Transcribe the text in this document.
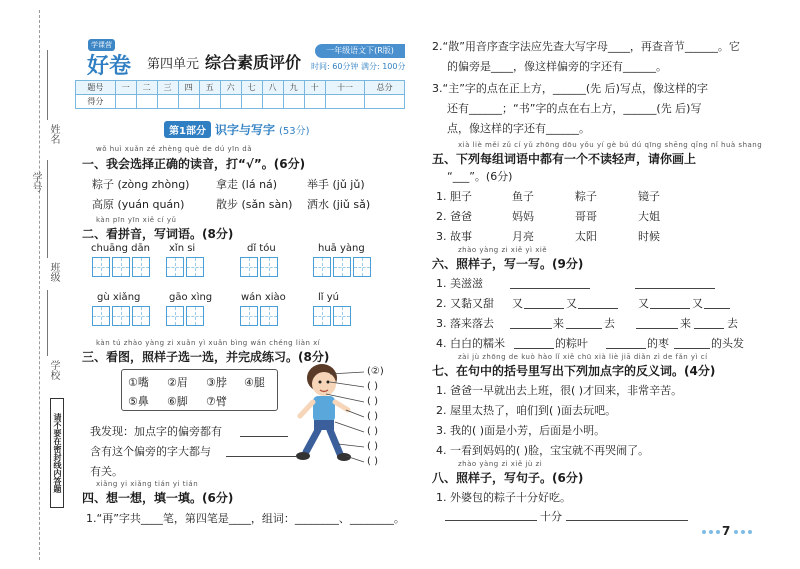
姓名
班级
学号
学校
请不要在密封线内答题
学课营
好卷 第四单元 综合素质评价
一年级语文下(R版)
时间: 60分钟 满分: 100分
题号	一	二	三	四	五	六	七	八	九	十	十一	总分
得分												
第1部分 识字与写字 (53分)
wǒ huì xuǎn zé zhèng què de dú yīn dǎ
一、我会选择正确的读音，打“√”。(6分)
粽子 (zòng zhòng) 拿走 (lá ná)	举手 (jǔ jǔ)
高原 (yuán quán)	散步 (sǎn sàn) 洒水 (jiǔ sǎ)
kàn pīn yīn xiě cí yǔ
二、看拼音，写词语。(8分)
chuāng dān xǐn si	dǐ tóu	huā yàng
gù xiǎng	gāo xìng	wán xiào	lǐ yú
kàn tú zhào yàng zi xuǎn yì xuǎn bìng wán chéng liàn xí
三、看图，照样子选一选，并完成练习。(8分)
①嘴 ②眉 ③脖 ④腿
⑤鼻 ⑥脚 ⑦臂
(②)
( )
( )
( )
( )
( )
( )
我发现：加点字的偏旁都有
含有这个偏旁的字大都与
有关。
xiǎng yi xiǎng tián yi tián
四、想一想，填一填。(6分)
1.“再”字共____笔，第四笔是____，组词：________、________。
2.“散”用音序查字法应先查大写字母____，再查音节______。它
的偏旁是____，像这样偏旁的字还有______。
3.“主”字的点在正上方，______(先 后)写点，像这样的字
还有______；“书”字的点在右上方，______(先 后)写
点，像这样的字还有______。
xià liè měi zǔ cí yǔ zhōng dōu yǒu yí gè bú dú qīng shēng qǐng nǐ huà shang
五、下列每组词语中都有一个不读轻声，请你画上
“___”。(6分)
1. 胆子	鱼子	粽子	镜子
2. 爸爸	妈妈	哥哥	大姐
3. 故事	月亮	太阳	时候
zhào yàng zi xiě yì xiě
六、照样子，写一写。(9分)
1. 美滋滋
2. 又黏又甜 又	又	又	又
3. 落来落去	来	去	来	去
4. 白白的糯米	的粽叶	的枣	的头发
zài jù zhōng de kuò hào lǐ xiě chū xià liè jiā diǎn zì de fǎn yì cí
七、在句中的括号里写出下列加点字的反义词。(4分)
1. 爸爸一早就出去上班，很( )才回来，非常辛苦。
2. 屋里太热了，咱们到( )面去玩吧。
3. 我的( )面是小芳，后面是小明。
4. 一看到妈妈的( )脸，宝宝就不再哭闹了。
zhào yàng zi xiě jù zi
八、照样子，写句子。(6分)
1. 外婆包的粽子十分好吃。
十分
7
